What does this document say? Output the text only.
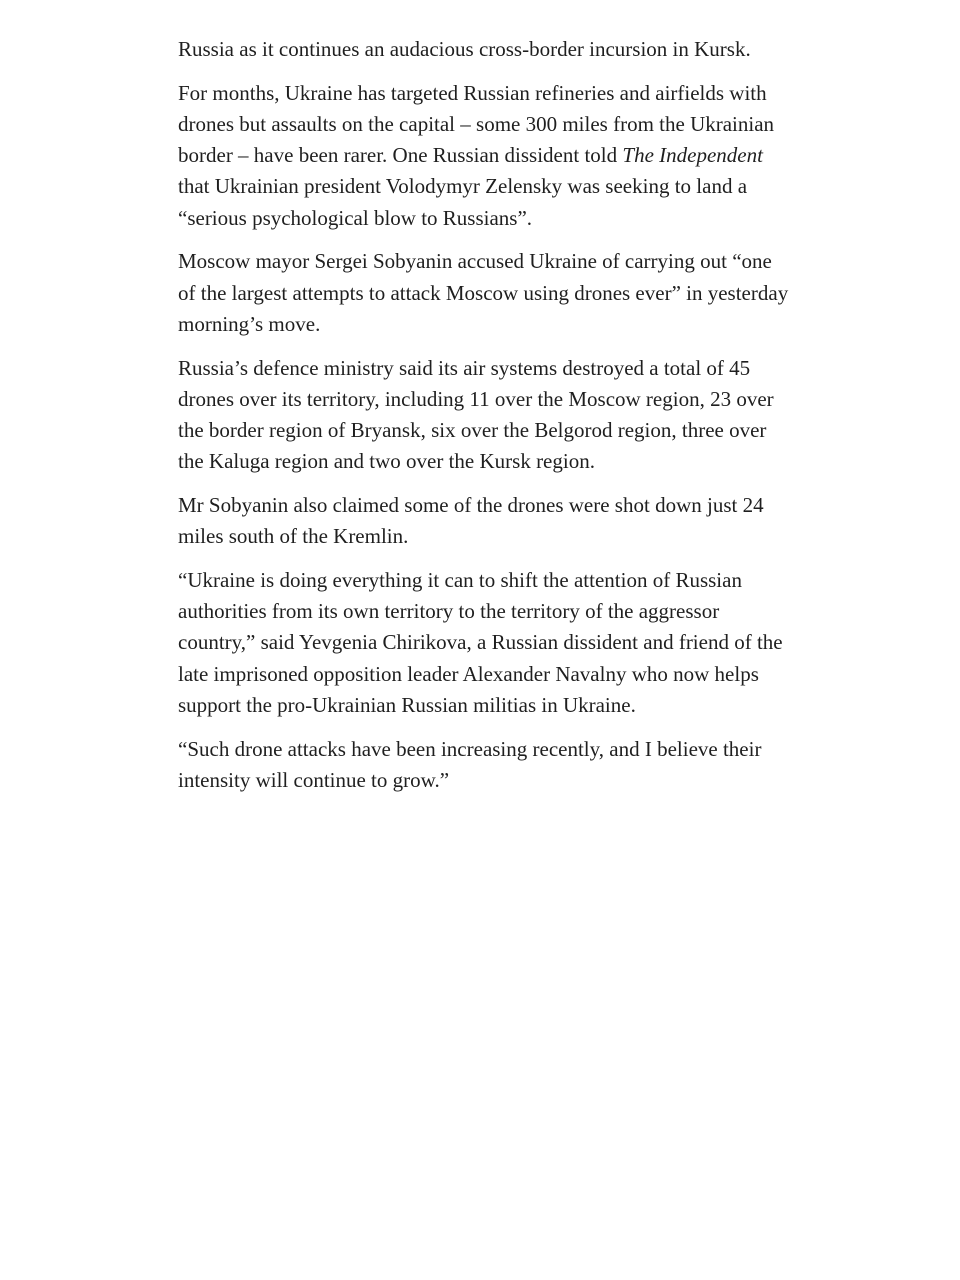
Russia as it continues an audacious cross-border incursion in Kursk.

For months, Ukraine has targeted Russian refineries and airfields with drones but assaults on the capital – some 300 miles from the Ukrainian border – have been rarer. One Russian dissident told The Independent that Ukrainian president Volodymyr Zelensky was seeking to land a “serious psychological blow to Russians”.

Moscow mayor Sergei Sobyanin accused Ukraine of carrying out “one of the largest attempts to attack Moscow using drones ever” in yesterday morning’s move.

Russia’s defence ministry said its air systems destroyed a total of 45 drones over its territory, including 11 over the Moscow region, 23 over the border region of Bryansk, six over the Belgorod region, three over the Kaluga region and two over the Kursk region.

Mr Sobyanin also claimed some of the drones were shot down just 24 miles south of the Kremlin.

“Ukraine is doing everything it can to shift the attention of Russian authorities from its own territory to the territory of the aggressor country,” said Yevgenia Chirikova, a Russian dissident and friend of the late imprisoned opposition leader Alexander Navalny who now helps support the pro-Ukrainian Russian militias in Ukraine.

“Such drone attacks have been increasing recently, and I believe their intensity will continue to grow.”
